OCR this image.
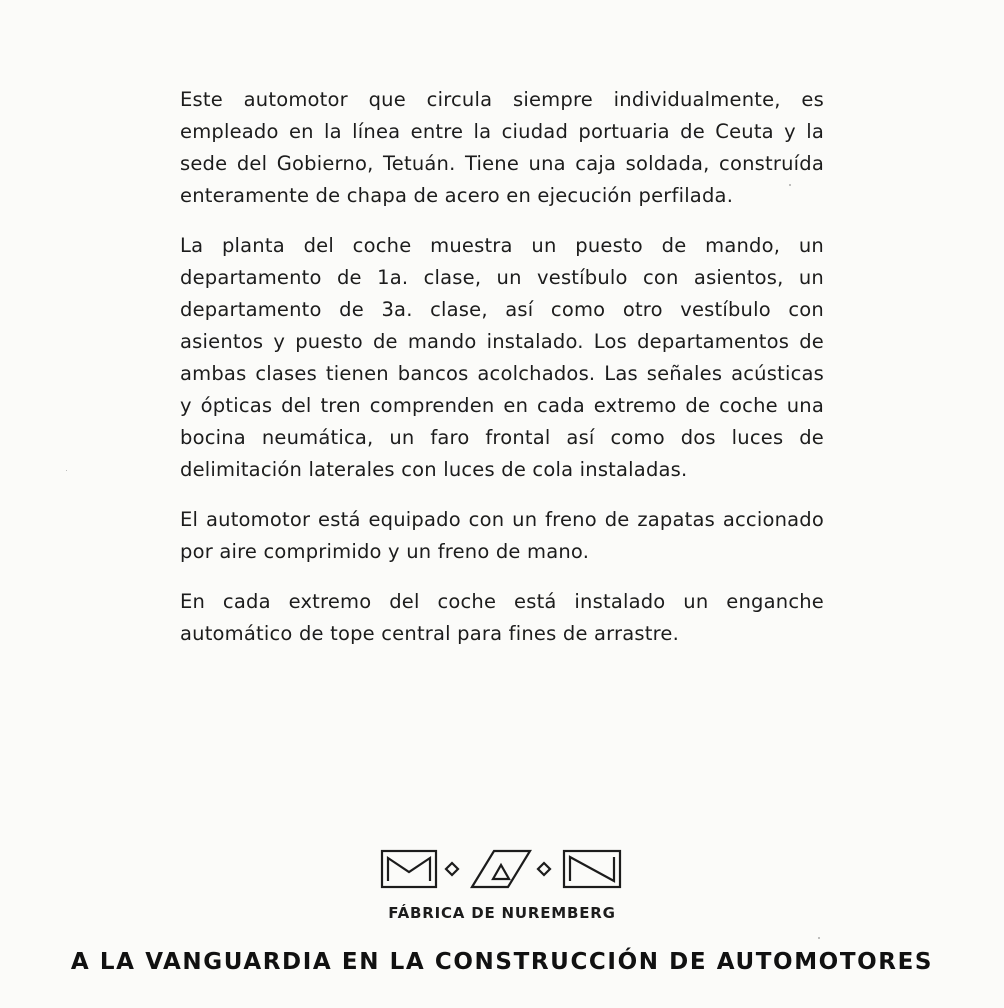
Este automotor que circula siempre individualmente, es empleado en la línea entre la ciudad portuaria de Ceuta y la sede del Gobierno, Tetuán. Tiene una caja soldada, construída enteramente de chapa de acero en ejecución perfilada.

La planta del coche muestra un puesto de mando, un departamento de 1a. clase, un vestíbulo con asientos, un departamento de 3a. clase, así como otro vestíbulo con asientos y puesto de mando instalado. Los departamentos de ambas clases tienen bancos acolchados. Las señales acústicas y ópticas del tren comprenden en cada extremo de coche una bocina neumática, un faro frontal así como dos luces de delimitación laterales con luces de cola instaladas.

El automotor está equipado con un freno de zapatas accionado por aire comprimido y un freno de mano.

En cada extremo del coche está instalado un enganche automático de tope central para fines de arrastre.

FÁBRICA DE NUREMBERG
A LA VANGUARDIA EN LA CONSTRUCCIÓN DE AUTOMOTORES
